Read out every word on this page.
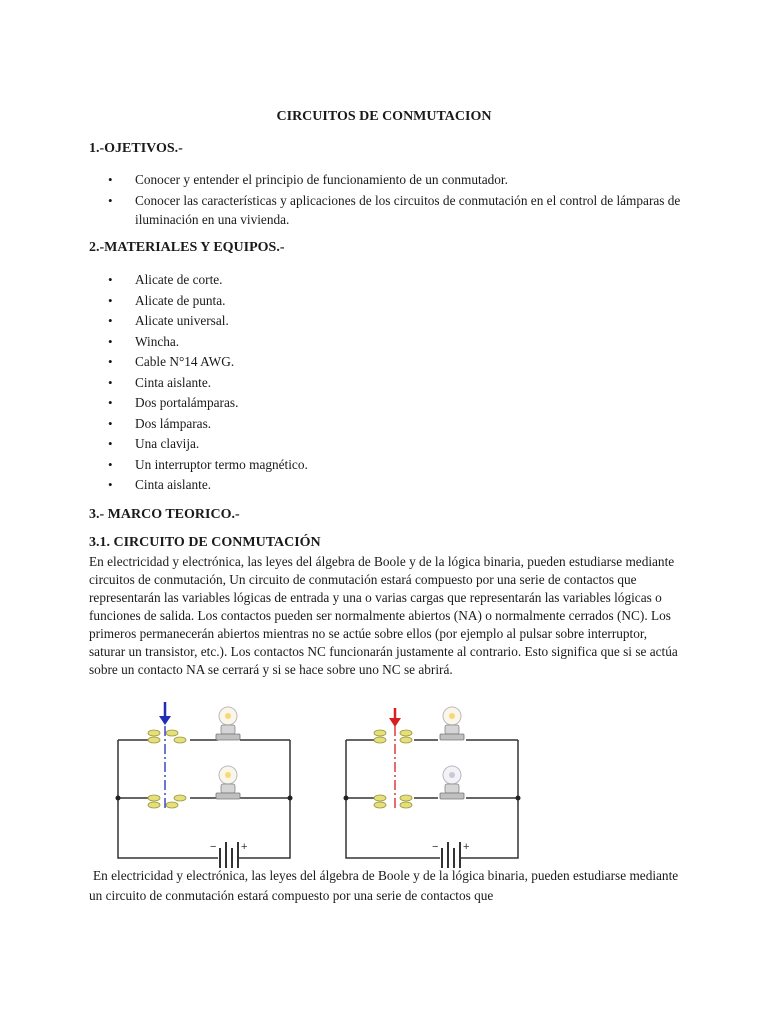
CIRCUITOS DE CONMUTACION
1.-OJETIVOS.-
• Conocer y entender el principio de funcionamiento de un conmutador.
• Conocer las características y aplicaciones de los circuitos de conmutación en el control de lámparas de iluminación en una vivienda.
2.-MATERIALES Y EQUIPOS.-
• Alicate de corte.
• Alicate de punta.
• Alicate universal.
• Wincha.
• Cable N°14 AWG.
• Cinta aislante.
• Dos portalámparas.
• Dos lámparas.
• Una clavija.
• Un interruptor termo magnético.
• Cinta aislante.
3.- MARCO TEORICO.-
3.1. CIRCUITO DE CONMUTACIÓN

En electricidad y electrónica, las leyes del álgebra de Boole y de la lógica binaria, pueden estudiarse mediante circuitos de conmutación, Un circuito de conmutación estará compuesto por una serie de contactos que representarán las variables lógicas de entrada y una o varias cargas que representarán las variables lógicas o funciones de salida. Los contactos pueden ser normalmente abiertos (NA) o normalmente cerrados (NC). Los primeros permanecerán abiertos mientras no se actúe sobre ellos (por ejemplo al pulsar sobre interruptor, saturar un transistor, etc.). Los contactos NC funcionarán justamente al contrario. Esto significa que si se actúa sobre un contacto NA se cerrará y si se hace sobre uno NC se abrirá.

− +	− +

En electricidad y electrónica, las leyes del álgebra de Boole y de la lógica binaria, pueden estudiarse mediante un circuito de conmutación estará compuesto por una serie de contactos que
